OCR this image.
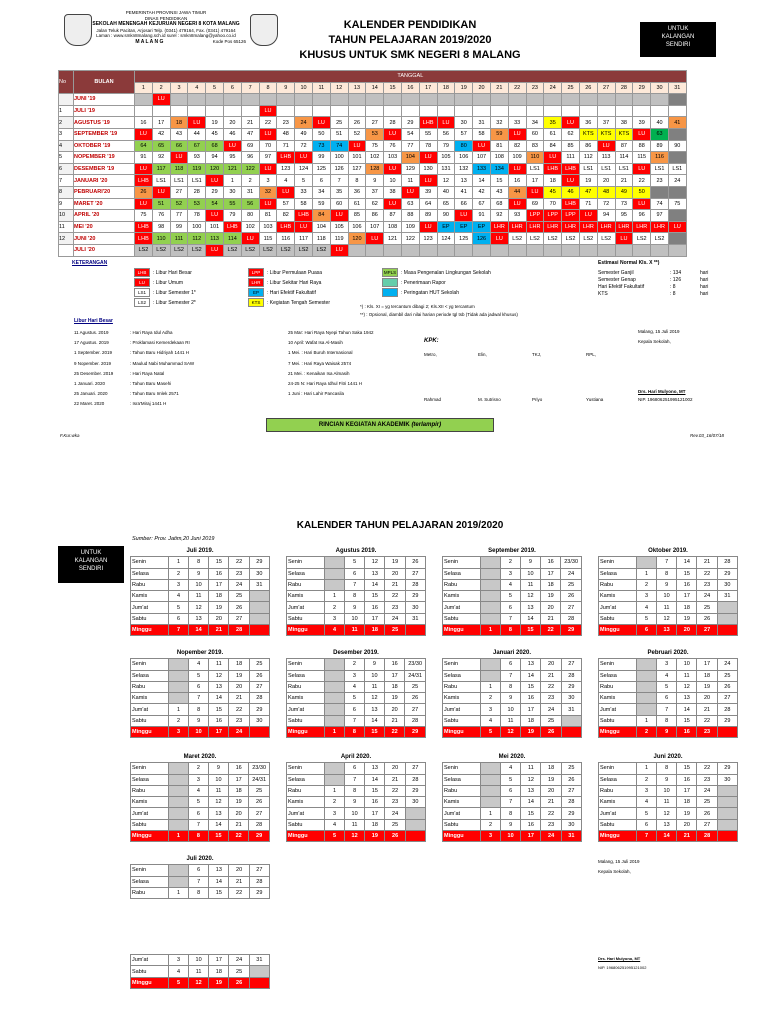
PEMERINTAH PROVINSI JAWA TIMUR
DINAS PENDIDIKAN
SEKOLAH MENENGAH KEJURUAN NEGERI 8 KOTA MALANG
Jalan Teluk Pacitan, Arjosari Telp. (0341) 479164, Fax. (0341) 479164
Laman : www.smkn8malang.sch.id surel : smkn8malang@yahoo.co.id
M A L A N G	Kode Pos 65126
KALENDER PENDIDIKAN
TAHUN PELAJARAN 2019/2020
KHUSUS UNTUK SMK NEGERI 8 MALANG
UNTUK
KALANGAN
SENDIRI
No	BULAN	TANGGAL																														
		1	2	3	4	5	6	7	8	9	10	11	12	13	14	15	16	17	18	19	20	21	22	23	24	25	26	27	28	29	30	31
	JUNI '19		LU																													
1	JULI '19								LU																							
2	AGUSTUS '19	16	17	18	LU	19	20	21	22	23	24	LU	25	26	27	28	29	LHB	LU	30	31	32	33	34	35	LU	36	37	38	39	40	41
3	SEPTEMBER '19	LU	42	43	44	45	46	47	LU	48	49	50	51	52	53	LU	54	55	56	57	58	59	LU	60	61	62	KTS	KTS	KTS	LU	63	
4	OKTOBER '19	64	65	66	67	68	LU	69	70	71	72	73	74	LU	75	76	77	78	79	80	LU	81	82	83	84	85	86	LU	87	88	89	90
5	NOPEMBER '19	91	92	LU	93	94	95	96	97	LHB	LU	99	100	101	102	103	104	LU	105	106	107	108	109	110	LU	111	112	113	114	115	116	
6	DESEMBER '19	LU	117	118	119	120	121	122	LU	123	124	125	126	127	128	LU	129	130	131	132	133	134	LU	LS1	LHB	LHB	LS1	LS1	LS1	LU	LS1	LS1
7	JANUARI '20	LHB	LS1	LS1	LS1	LU	1	2	3	4	5	6	7	8	9	10	11	LU	12	13	14	15	16	17	18	LU	19	20	21	22	23	24
8	PEBRUARI'20	26	LU	27	28	29	30	31	32	LU	33	34	35	36	37	38	LU	39	40	41	42	43	44	LU	45	46	47	48	49	50		
9	MARET '20	LU	51	52	53	54	55	56	LU	57	58	59	60	61	62	LU	63	64	65	66	67	68	LU	69	70	LHB	71	72	73	LU	74	75
10	APRIL '20	75	76	77	78	LU	79	80	81	82	LHB	84	LU	85	86	87	88	89	90	LU	91	92	93	LPP	LPP	LPP	LU	94	95	96	97	
11	MEI '20	LHB	98	99	100	101	LHB	102	103	LHB	LU	104	105	106	107	108	109	LU	EP	EP	EP	LHR	LHR	LHR	LHR	LHR	LHR	LHR	LHR	LHR	LHR	LU
12	JUNI '20	LHB	110	111	112	113	114	LU	115	116	117	118	119	120	LU	121	122	123	124	125	126	LU	LS2	LS2	LS2	LS2	LS2	LS2	LU	LS2	LS2	
	JULI '20	LS2	LS2	LS2	LS2	LU	LS2	LS2	LS2	LS2	LS2	LS2	LU																			
KETERANGAN
LHB : Libur Hari Besar
LU : Libur Umum
LS1 : Libur Semester 1*
LS2 : Libur Semester 2*
LPP : Libur Permulaan Puasa
LHR : Libur Sekitar Hari Raya
EP : Hari Efektif Fakultatif
KTS : Kegiatan Tengah Semester
MPLS : Masa Pengenalan Lingkungan Sekolah
: Penerimaan Rapor
: Peringatan HUT Sekolah
*) : Kls. XI = yg tercantum dibagi 2; Kls.XII < yg tercantum
**) : Opsional, diambil dari nilai harian periode tgl tsb (Tidak ada jadwal khusus)
Estimasi Normal Kls. X **)
Semester Ganjil	: 134	hari
Semester Genap	: 126	hari
Hari Efektif Fakultatif	: 8	hari
KTS	: 8	hari
Libur Hari Besar
11 Agustus. 2019	: Hari Raya Idul Adha
17 Agustus. 2019	: Proklamasi Kemerdekaan RI
1 September. 2019	: Tahun Baru Hidriyah 1441 H
9 Nopember. 2019	: Maulud Nabi Muhammad SAW
25 Desember. 2019	: Hari Raya Natal
1 Januari. 2020	: Tahun Baru Masehi
25 Januari. 2020	: Tahun Baru Imlek 2571
22 Maret. 2020	: Isra'Miraj 1441 H
25 Mar: Hari Raya Nyepi Tahun Saka 1942
10 April: Wafat Isa Al-Masih
1 Mei. : Hari Buruh Internasional
7 Mei. : Hari Raya Waisak 2574
21 Mei. : Kenaikan Isa Almasih
24-25 N: Hari Raya Idhul Fitri 1441 H
1 Juni : Hari Lahir Pancasila
KPK:
Metro,	Elin,	TKJ,	RPL,
Rahmad	M. Sutrisno	Priyo	Yustiana
Malang, 15 Juli 2019
Kepala Sekolah,
Drs. Hari Mulyono, MT
NIP. 196806251995121002
RINCIAN KEGIATAN AKADEMIK (terlampir)
F.Kur.wka	Rev.03_16/07/18
KALENDER TAHUN PELAJARAN 2019/2020
Sumber: Prov. Jatim,20 Juni 2019
UNTUK
KALANGAN
SENDIRI
Juli 2019.					
Senin	1	8	15	22	29
Selasa	2	9	16	23	30
Rabu	3	10	17	24	31
Kamis	4	11	18	25	
Jum'at	5	12	19	26	
Sabtu	6	13	20	27	
Minggu	7	14	21	28	
Agustus 2019.					
Senin		5	12	19	26
Selasa		6	13	20	27
Rabu		7	14	21	28
Kamis	1	8	15	22	29
Jum'at	2	9	16	23	30
Sabtu	3	10	17	24	31
Minggu	4	11	18	25	
September 2019.					
Senin		2	9	16	23/30
Selasa		3	10	17	24
Rabu		4	11	18	25
Kamis		5	12	19	26
Jum'at		6	13	20	27
Sabtu		7	14	21	28
Minggu	1	8	15	22	29
Oktober 2019.					
Senin		7	14	21	28
Selasa	1	8	15	22	29
Rabu	2	9	16	23	30
Kamis	3	10	17	24	31
Jum'at	4	11	18	25	
Sabtu	5	12	19	26	
Minggu	6	13	20	27	
Nopember 2019.					
Senin		4	11	18	25
Selasa		5	12	19	26
Rabu		6	13	20	27
Kamis		7	14	21	28
Jum'at	1	8	15	22	29
Sabtu	2	9	16	23	30
Minggu	3	10	17	24	
Desember 2019.					
Senin		2	9	16	23/30
Selasa		3	10	17	24/31
Rabu		4	11	18	25
Kamis		5	12	19	26
Jum'at		6	13	20	27
Sabtu		7	14	21	28
Minggu	1	8	15	22	29
Januari 2020.					
Senin		6	13	20	27
Selasa		7	14	21	28
Rabu	1	8	15	22	29
Kamis	2	9	16	23	30
Jum'at	3	10	17	24	31
Sabtu	4	11	18	25	
Minggu	5	12	19	26	
Pebruari 2020.					
Senin		3	10	17	24
Selasa		4	11	18	25
Rabu		5	12	19	26
Kamis		6	13	20	27
Jum'at		7	14	21	28
Sabtu	1	8	15	22	29
Minggu	2	9	16	23	
Maret 2020.					
Senin		2	9	16	23/30
Selasa		3	10	17	24/31
Rabu		4	11	18	25
Kamis		5	12	19	26
Jum'at		6	13	20	27
Sabtu		7	14	21	28
Minggu	1	8	15	22	29
April 2020.					
Senin		6	13	20	27
Selasa		7	14	21	28
Rabu	1	8	15	22	29
Kamis	2	9	16	23	30
Jum'at	3	10	17	24	
Sabtu	4	11	18	25	
Minggu	5	12	19	26	
Mei 2020.					
Senin		4	11	18	25
Selasa		5	12	19	26
Rabu		6	13	20	27
Kamis		7	14	21	28
Jum'at	1	8	15	22	29
Sabtu	2	9	16	23	30
Minggu	3	10	17	24	31
Juni 2020.					
Senin	1	8	15	22	29
Selasa	2	9	16	23	30
Rabu	3	10	17	24	
Kamis	4	11	18	25	
Jum'at	5	12	19	26	
Sabtu	6	13	20	27	
Minggu	7	14	21	28	
Juli 2020.					
Senin		6	13	20	27
Selasa		7	14	21	28
Rabu	1	8	15	22	29

Jum'at	3	10	17	24	31
Sabtu	4	11	18	25	
Minggu	5	12	19	26	
Malang, 15 Juli 2019
Kepala Sekolah,
Drs. Hari Mulyono, MT
NIP. 196806251995121002
